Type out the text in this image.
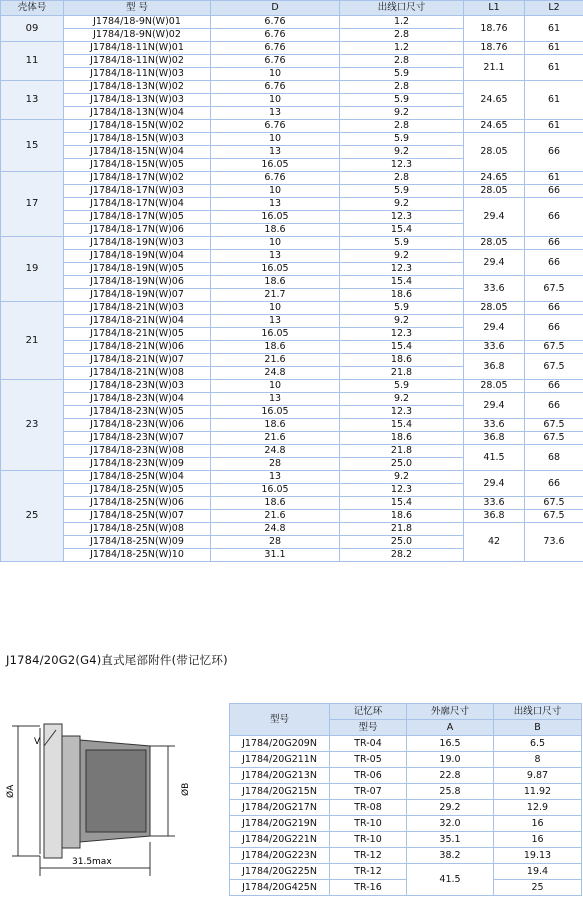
壳体号	型 号	D	出线口尺寸	L1	L2
09	J1784/18-9N(W)01	6.76	1.2	18.76	61
	J1784/18-9N(W)02	6.76	2.8		
11	J1784/18-11N(W)01	6.76	1.2	18.76	61
	J1784/18-11N(W)02	6.76	2.8	21.1	61
	J1784/18-11N(W)03	10	5.9		
13	J1784/18-13N(W)02	6.76	2.8	24.65	61
	J1784/18-13N(W)03	10	5.9		
	J1784/18-13N(W)04	13	9.2		
15	J1784/18-15N(W)02	6.76	2.8	24.65	61
	J1784/18-15N(W)03	10	5.9	28.05	66
	J1784/18-15N(W)04	13	9.2		
	J1784/18-15N(W)05	16.05	12.3		
17	J1784/18-17N(W)02	6.76	2.8	24.65	61
	J1784/18-17N(W)03	10	5.9	28.05	66
	J1784/18-17N(W)04	13	9.2	29.4	66
	J1784/18-17N(W)05	16.05	12.3		
	J1784/18-17N(W)06	18.6	15.4		
19	J1784/18-19N(W)03	10	5.9	28.05	66
	J1784/18-19N(W)04	13	9.2	29.4	66
	J1784/18-19N(W)05	16.05	12.3		
	J1784/18-19N(W)06	18.6	15.4	33.6	67.5
	J1784/18-19N(W)07	21.7	18.6		
21	J1784/18-21N(W)03	10	5.9	28.05	66
	J1784/18-21N(W)04	13	9.2	29.4	66
	J1784/18-21N(W)05	16.05	12.3		
	J1784/18-21N(W)06	18.6	15.4	33.6	67.5
	J1784/18-21N(W)07	21.6	18.6	36.8	67.5
	J1784/18-21N(W)08	24.8	21.8		
23	J1784/18-23N(W)03	10	5.9	28.05	66
	J1784/18-23N(W)04	13	9.2	29.4	66
	J1784/18-23N(W)05	16.05	12.3		
	J1784/18-23N(W)06	18.6	15.4	33.6	67.5
	J1784/18-23N(W)07	21.6	18.6	36.8	67.5
	J1784/18-23N(W)08	24.8	21.8	41.5	68
	J1784/18-23N(W)09	28	25.0		
25	J1784/18-25N(W)04	13	9.2	29.4	66
	J1784/18-25N(W)05	16.05	12.3		
	J1784/18-25N(W)06	18.6	15.4	33.6	67.5
	J1784/18-25N(W)07	21.6	18.6	36.8	67.5
	J1784/18-25N(W)08	24.8	21.8	42	73.6
	J1784/18-25N(W)09	28	25.0		
	J1784/18-25N(W)10	31.1	28.2		
J1784/20G2(G4)直式尾部附件(带记忆环)
V
ØA	ØB
31.5max
型号	记忆环	外廓尺寸	出线口尺寸
	型号	A	B
J1784/20G209N	TR-04	16.5	6.5
J1784/20G211N	TR-05	19.0	8
J1784/20G213N	TR-06	22.8	9.87
J1784/20G215N	TR-07	25.8	11.92
J1784/20G217N	TR-08	29.2	12.9
J1784/20G219N	TR-10	32.0	16
J1784/20G221N	TR-10	35.1	16
J1784/20G223N	TR-12	38.2	19.13
J1784/20G225N	TR-12	41.5	19.4
J1784/20G425N	TR-16		25
